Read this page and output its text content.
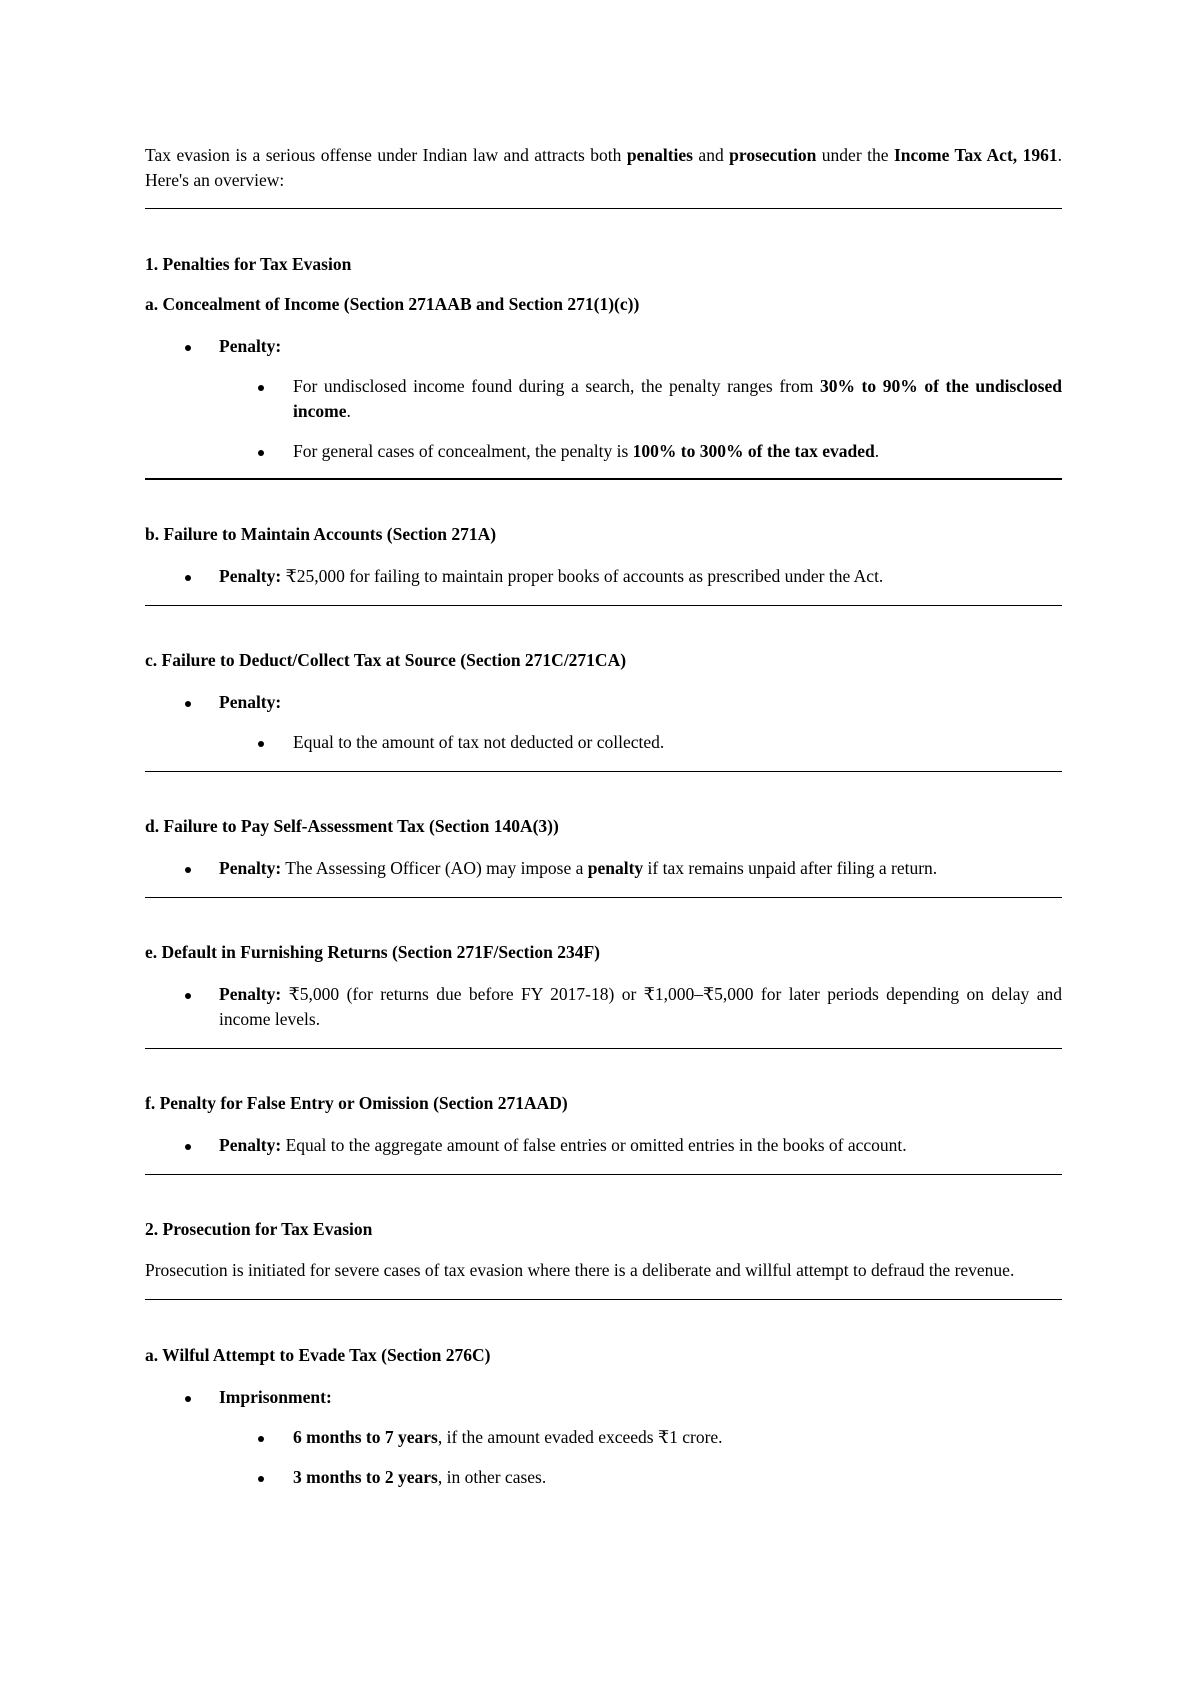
Tax evasion is a serious offense under Indian law and attracts both penalties and prosecution under the Income Tax Act, 1961. Here's an overview:

1. Penalties for Tax Evasion

a. Concealment of Income (Section 271AAB and Section 271(1)(c))

Penalty:
For undisclosed income found during a search, the penalty ranges from 30% to 90% of the undisclosed income.
For general cases of concealment, the penalty is 100% to 300% of the tax evaded.

b. Failure to Maintain Accounts (Section 271A)

Penalty: ₹25,000 for failing to maintain proper books of accounts as prescribed under the Act.

c. Failure to Deduct/Collect Tax at Source (Section 271C/271CA)

Penalty:
Equal to the amount of tax not deducted or collected.

d. Failure to Pay Self-Assessment Tax (Section 140A(3))

Penalty: The Assessing Officer (AO) may impose a penalty if tax remains unpaid after filing a return.

e. Default in Furnishing Returns (Section 271F/Section 234F)

Penalty: ₹5,000 (for returns due before FY 2017-18) or ₹1,000–₹5,000 for later periods depending on delay and income levels.

f. Penalty for False Entry or Omission (Section 271AAD)

Penalty: Equal to the aggregate amount of false entries or omitted entries in the books of account.

2. Prosecution for Tax Evasion

Prosecution is initiated for severe cases of tax evasion where there is a deliberate and willful attempt to defraud the revenue.

a. Wilful Attempt to Evade Tax (Section 276C)

Imprisonment:
6 months to 7 years, if the amount evaded exceeds ₹1 crore.
3 months to 2 years, in other cases.
